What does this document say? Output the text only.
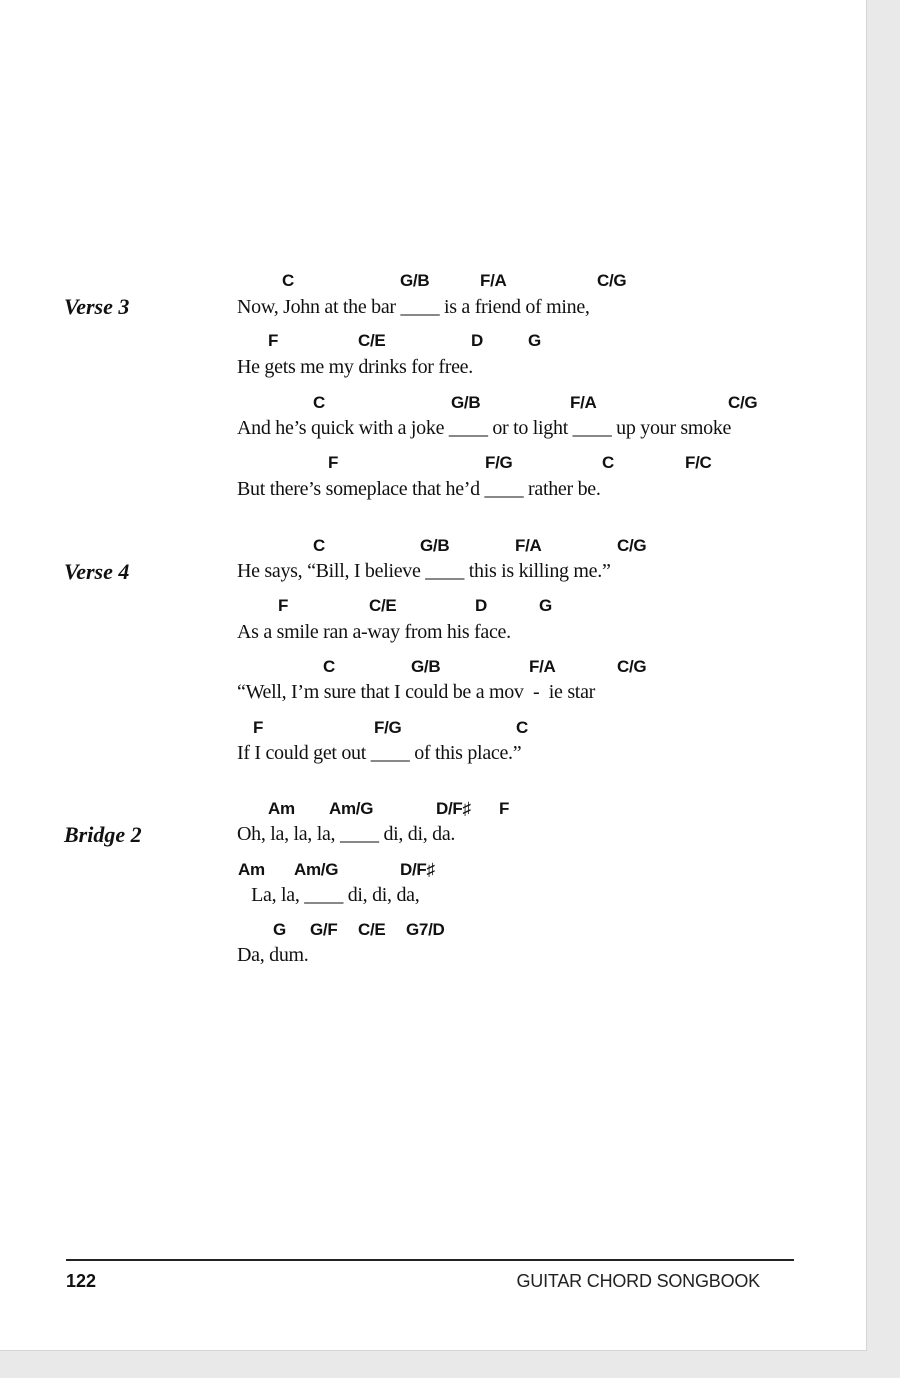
Verse 3
C	G/B	F/A	C/G
Now, John at the bar ____ is a friend of mine,
F	C/E	D	G
He gets me my drinks for free.
C	G/B	F/A	C/G
And he’s quick with a joke ____ or to light ____ up your smoke
F	F/G	C	F/C
But there’s someplace that he’d ____ rather be.
Verse 4
C	G/B	F/A	C/G
He says, “Bill, I believe ____ this is killing me.”
F	C/E	D	G
As a smile ran a-way from his face.
C	G/B	F/A	C/G
“Well, I’m sure that I could be a mov  -  ie star
F	F/G	C
If I could get out ____ of this place.”
Bridge 2
Am Am/G	D/F♯ F
Oh, la, la, la, ____ di, di, da.
Am Am/G	D/F♯
La, la, ____ di, di, da,
G G/F C/E G7/D
Da, dum.
122	GUITAR CHORD SONGBOOK
